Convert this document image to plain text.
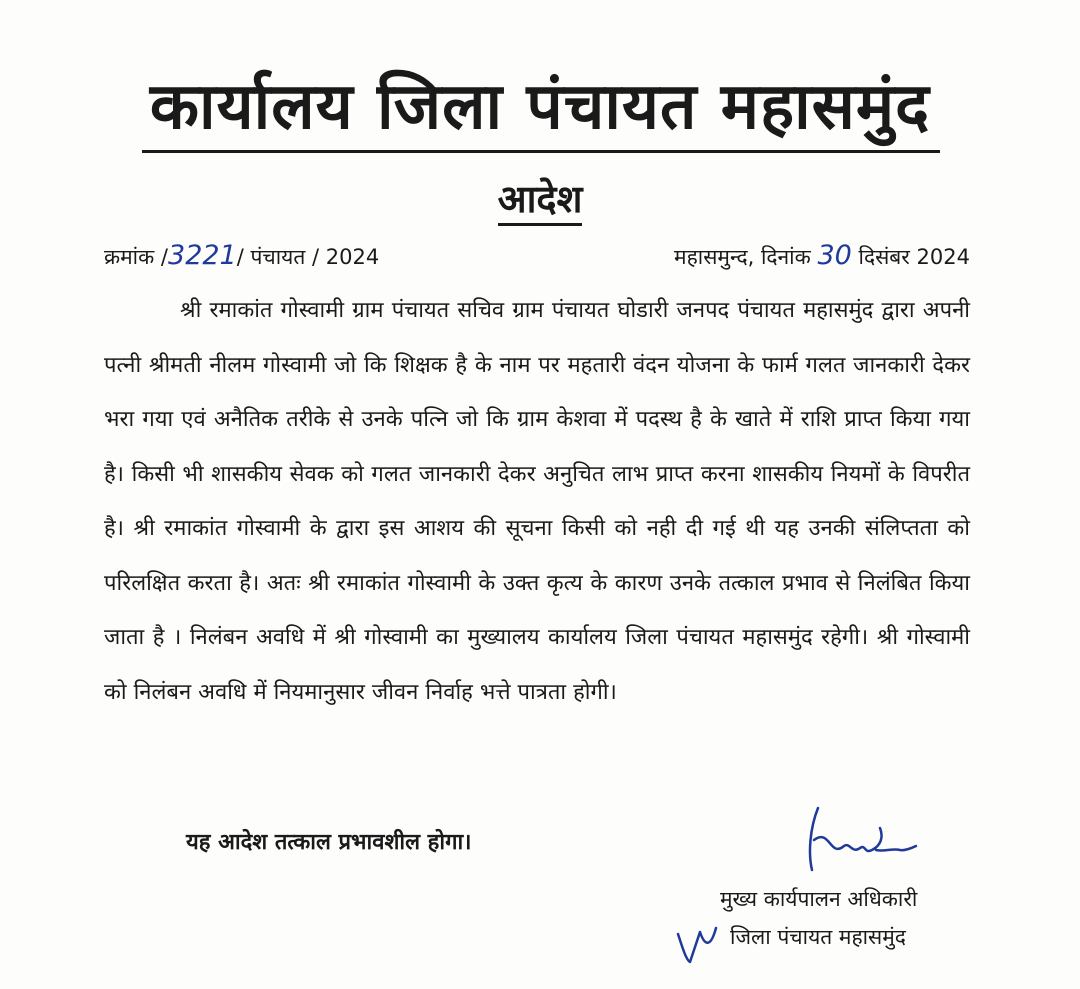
कार्यालय जिला पंचायत महासमुंद
आदेश
क्रमांक /3221/ पंचायत / 2024	महासमुन्द, दिनांक 30 दिसंबर 2024
श्री रमाकांत गोस्वामी ग्राम पंचायत सचिव ग्राम पंचायत घोडारी जनपद पंचायत महासमुंद द्वारा अपनी पत्नी श्रीमती नीलम गोस्वामी जो कि शिक्षक है के नाम पर महतारी वंदन योजना के फार्म गलत जानकारी देकर भरा गया एवं अनैतिक तरीके से उनके पत्नि जो कि ग्राम केशवा में पदस्थ है के खाते में राशि प्राप्त किया गया है। किसी भी शासकीय सेवक को गलत जानकारी देकर अनुचित लाभ प्राप्त करना शासकीय नियमों के विपरीत है। श्री रमाकांत गोस्वामी के द्वारा इस आशय की सूचना किसी को नही दी गई थी यह उनकी संलिप्तता को परिलक्षित करता है। अतः श्री रमाकांत गोस्वामी के उक्त कृत्य के कारण उनके तत्काल प्रभाव से निलंबित किया जाता है । निलंबन अवधि में श्री गोस्वामी का मुख्यालय कार्यालय जिला पंचायत महासमुंद रहेगी। श्री गोस्वामी को निलंबन अवधि में नियमानुसार जीवन निर्वाह भत्ते पात्रता होगी।
यह आदेश तत्काल प्रभावशील होगा।
मुख्य कार्यपालन अधिकारी
जिला पंचायत महासमुंद
